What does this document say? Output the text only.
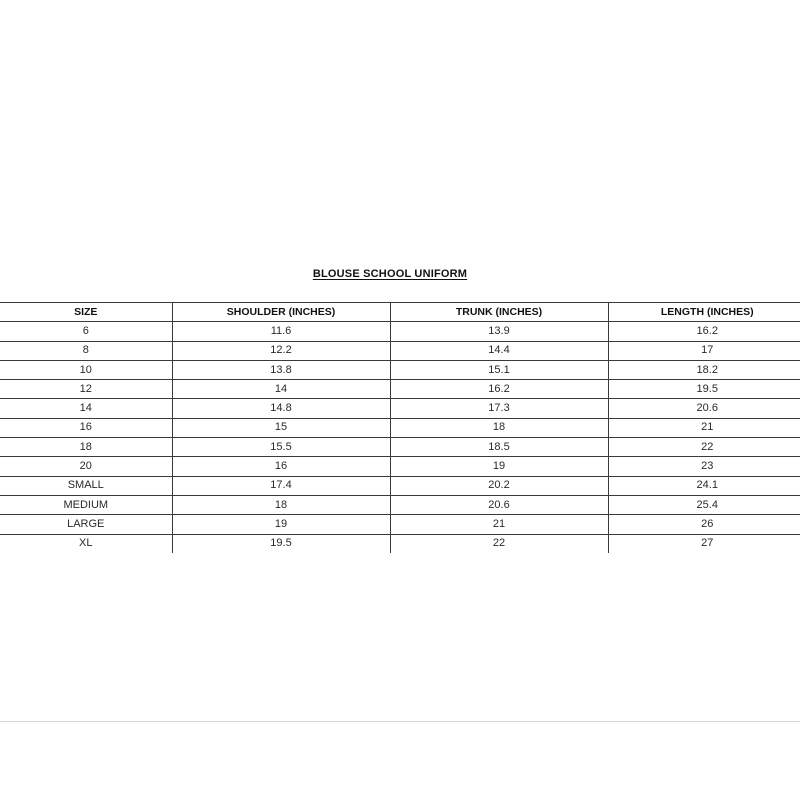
BLOUSE SCHOOL UNIFORM
SIZE	SHOULDER (INCHES)	TRUNK (INCHES)	LENGTH (INCHES)
6	11.6	13.9	16.2
8	12.2	14.4	17
10	13.8	15.1	18.2
12	14	16.2	19.5
14	14.8	17.3	20.6
16	15	18	21
18	15.5	18.5	22
20	16	19	23
SMALL	17.4	20.2	24.1
MEDIUM	18	20.6	25.4
LARGE	19	21	26
XL	19.5	22	27
